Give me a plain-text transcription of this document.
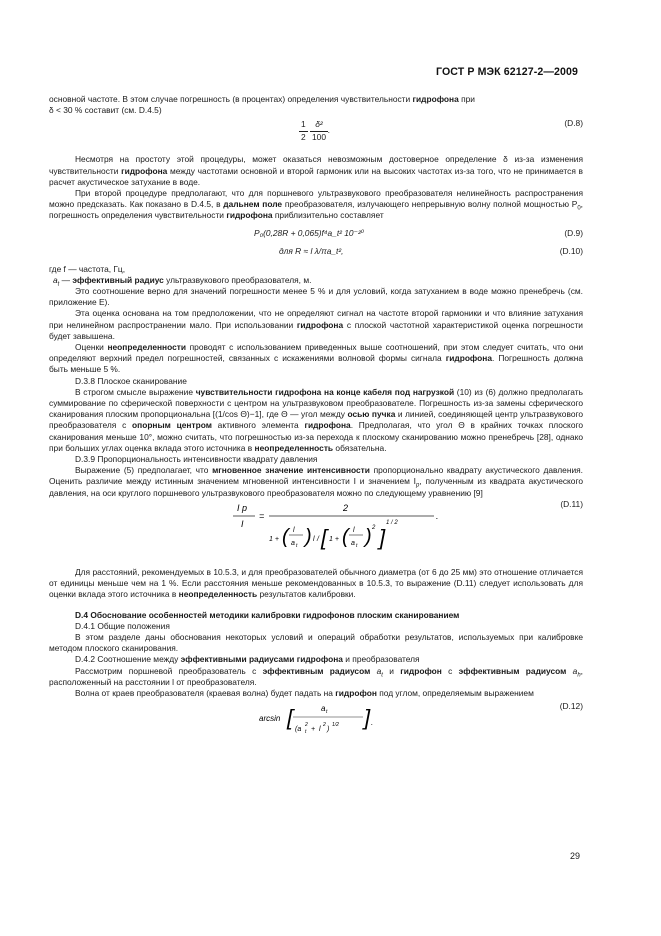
ГОСТ Р МЭК 62127-2—2009

основной частоте. В этом случае погрешность (в процентах) определения чувствительности гидрофона при

δ < 30 % составит (см. D.4.5)

$\frac{1}{2}$
$\frac{\text{δ²}}{100}$ .
(D.8)

Несмотря на простоту этой процедуры, может оказаться невозможным достоверное определение δ из-за изменения чувствительности гидрофона между частотами основной и второй гармоник или на высоких частотах из-за того, что не принимается в расчет акустическое затухание в воде.

При второй процедуре предполагают, что для поршневого ультразвукового преобразователя нелинейность распространения можно предсказать. Как показано в D.4.5, в дальнем поле преобразователя, излучающего непрерывную волну полной мощностью $P_0$, погрешность определения чувствительности гидрофона приблизительно составляет

P₀(0,28R + 0,065)f⁴a_t² 10⁻²⁰	(D.9)
для R ≈ l λ/πa_t²,	(D.10)

где f — частота, Гц,

$a_t$ — эффективный радиус ультразвукового преобразователя, м.

Это соотношение верно для значений погрешности менее 5 % и для условий, когда затуханием в воде можно пренебречь (см. приложение E).

Эта оценка основана на том предположении, что не определяют сигнал на частоте второй гармоники и что влияние затухания при нелинейном распространении мало. При использовании гидрофона с плоской частотной характеристикой оценка погрешности будет завышена.

Оценки неопределенности проводят с использованием приведенных выше соотношений, при этом следует считать, что они определяют верхний предел погрешностей, связанных с искажениями волновой формы сигнала гидрофона. Погрешность должна быть меньше 5 %.

D.3.8 Плоское сканирование

В строгом смысле выражение чувствительности гидрофона на конце кабеля под нагрузкой (10) из (6) должно предполагать суммирование по сферической поверхности с центром на ультразвуковом преобразователе. Погрешность из-за замены сферического сканирования плоским пропорциональна [(1/cos Θ)−1], где Θ — угол между осью пучка и линией, соединяющей центр ультразвукового преобразователя с опорным центром активного элемента гидрофона. Предполагая, что угол Θ в крайних точках плоского сканирования меньше 10°, можно считать, что погрешностью из-за перехода к плоскому сканированию можно пренебречь [28], однако при больших углах оценка вклада этого источника в неопределенность обязательна.

D.3.9 Пропорциональность интенсивности квадрату давления

Выражение (5) предполагает, что мгновенное значение интенсивности пропорционально квадрату акустического давления. Оценить различие между истинным значением мгновенной интенсивности I и значением $I_p$, полученным из квадрата акустического давления, на оси круглого поршневого ультразвукового преобразователя можно по следующему уравнению [9]

I p
I
=
2
.
1 + ( l
a t ) l / [ 1 + ( l
a t ) 2 ]
1 / 2
(D.11)

Для расстояний, рекомендуемых в 10.5.3, и для преобразователей обычного диаметра (от 6 до 25 мм) это отношение отличается от единицы меньше чем на 1 %. Если расстояния меньше рекомендованных в 10.5.3, то выражение (D.11) следует использовать для оценки вклада этого источника в неопределенность результатов калибровки.

D.4 Обоснование особенностей методики калибровки гидрофонов плоским сканированием

D.4.1 Общие положения

В этом разделе даны обоснования некоторых условий и операций обработки результатов, используемых при калибровке методом плоского сканирования.

D.4.2 Соотношение между эффективными радиусами гидрофона и преобразователя

Рассмотрим поршневой преобразователь с эффективным радиусом $a_t$ и гидрофон с эффективным радиусом $a_h$, расположенный на расстоянии l от преобразователя.

Волна от краев преобразователя (краевая волна) будет падать на гидрофон под углом, определяемым выражением

arcsin [	a t
(a t
2
+ l
2
)
1/2 ] .
(D.12)
29
